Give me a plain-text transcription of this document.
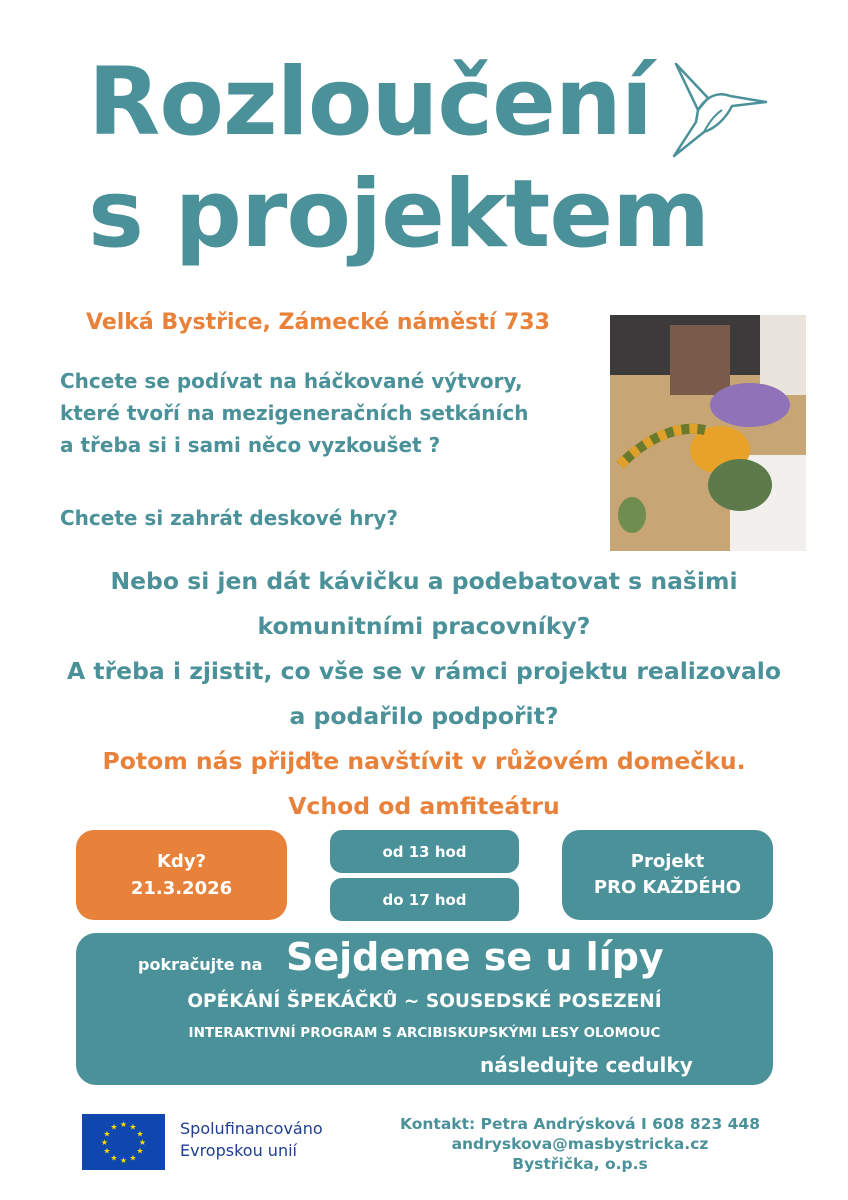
Rozloučení
s projektem
Velká Bystřice, Zámecké náměstí 733
Chcete se podívat na háčkované výtvory,
které tvoří na mezigeneračních setkáních
a třeba si i sami něco vyzkoušet ?
Chcete si zahrát deskové hry?
Nebo si jen dát kávičku a podebatovat s našimi
komunitními pracovníky?
A třeba i zjistit, co vše se v rámci projektu realizovalo
a podařilo podpořit?
Potom nás přijďte navštívit v růžovém domečku.
Vchod od amfiteátru
Kdy?
21.3.2026
od 13 hod
do 17 hod
Projekt
PRO KAŽDÉHO
pokračujte na Sejdeme se u lípy
OPÉKÁNÍ ŠPEKÁČKŮ ~ SOUSEDSKÉ POSEZENÍ
INTERAKTIVNÍ PROGRAM S ARCIBISKUPSKÝMI LESY OLOMOUC
následujte cedulky
★ ★
★
★
★
★
★
★
★
★
★
★	Spolufinancováno
Evropskou unií
Kontakt: Petra Andrýsková I 608 823 448
andryskova@masbystricka.cz
Bystřička, o.p.s
